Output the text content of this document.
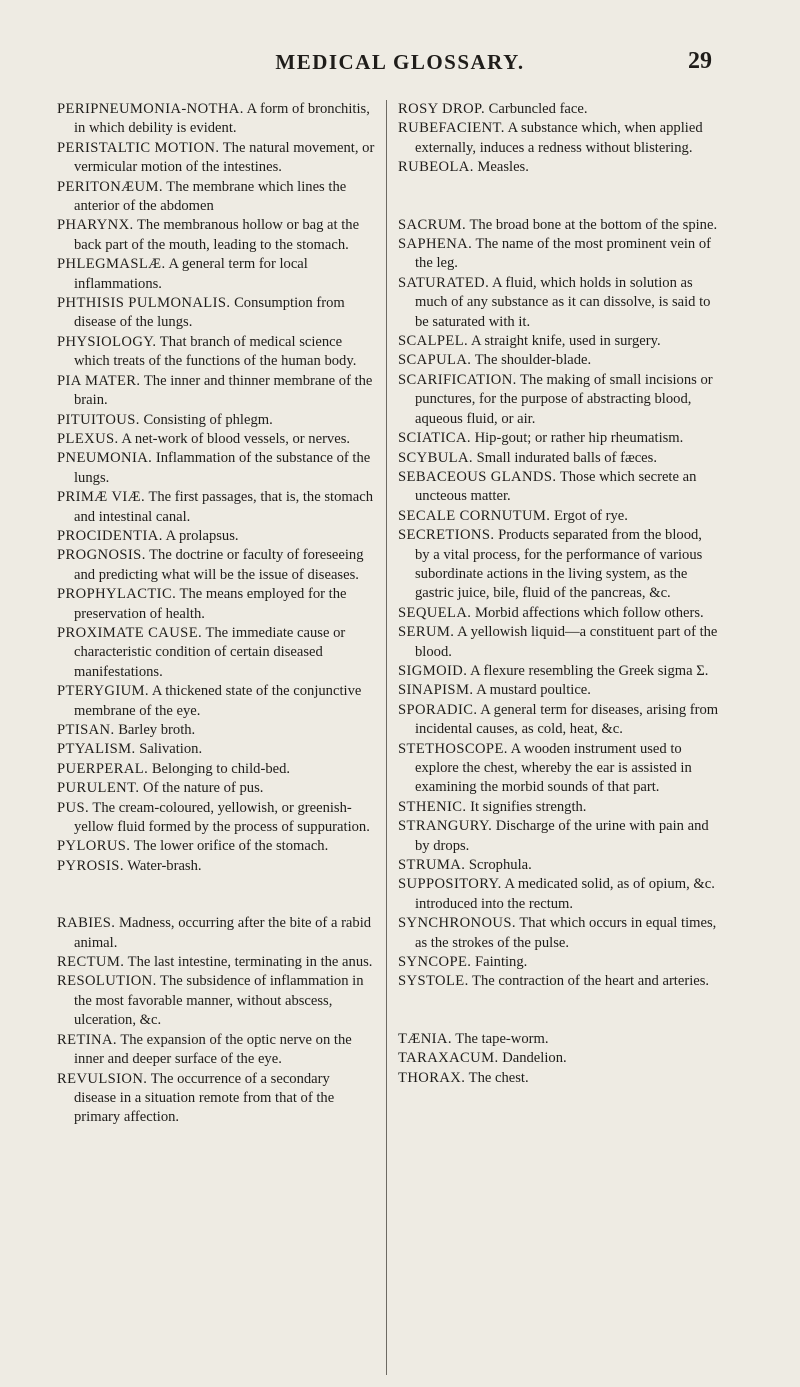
MEDICAL GLOSSARY.	29

PERIPNEUMONIA-NOTHA. A form of bronchitis, in which debility is evident.

PERISTALTIC MOTION. The natural movement, or vermicular motion of the intestines.

PERITONÆUM. The membrane which lines the anterior of the abdomen

PHARYNX. The membranous hollow or bag at the back part of the mouth, leading to the stomach.

PHLEGMASLÆ. A general term for local inflammations.

PHTHISIS PULMONALIS. Consumption from disease of the lungs.

PHYSIOLOGY. That branch of medical science which treats of the functions of the human body.

PIA MATER. The inner and thinner membrane of the brain.

PITUITOUS. Consisting of phlegm.

PLEXUS. A net-work of blood vessels, or nerves.

PNEUMONIA. Inflammation of the substance of the lungs.

PRIMÆ VIÆ. The first passages, that is, the stomach and intestinal canal.

PROCIDENTIA. A prolapsus.

PROGNOSIS. The doctrine or faculty of foreseeing and predicting what will be the issue of diseases.

PROPHYLACTIC. The means employed for the preservation of health.

PROXIMATE CAUSE. The immediate cause or characteristic condition of certain diseased manifestations.

PTERYGIUM. A thickened state of the conjunctive membrane of the eye.

PTISAN. Barley broth.

PTYALISM. Salivation.

PUERPERAL. Belonging to child-bed.

PURULENT. Of the nature of pus.

PUS. The cream-coloured, yellowish, or greenish-yellow fluid formed by the process of suppuration.

PYLORUS. The lower orifice of the stomach.

PYROSIS. Water-brash.

RABIES. Madness, occurring after the bite of a rabid animal.

RECTUM. The last intestine, terminating in the anus.

RESOLUTION. The subsidence of inflammation in the most favorable manner, without abscess, ulceration, &c.

RETINA. The expansion of the optic nerve on the inner and deeper surface of the eye.

REVULSION. The occurrence of a secondary disease in a situation remote from that of the primary affection.

ROSY DROP. Carbuncled face.

RUBEFACIENT. A substance which, when applied externally, induces a redness without blistering.

RUBEOLA. Measles.

SACRUM. The broad bone at the bottom of the spine.

SAPHENA. The name of the most prominent vein of the leg.

SATURATED. A fluid, which holds in solution as much of any substance as it can dissolve, is said to be saturated with it.

SCALPEL. A straight knife, used in surgery.

SCAPULA. The shoulder-blade.

SCARIFICATION. The making of small incisions or punctures, for the purpose of abstracting blood, aqueous fluid, or air.

SCIATICA. Hip-gout; or rather hip rheumatism.

SCYBULA. Small indurated balls of fæces.

SEBACEOUS GLANDS. Those which secrete an uncteous matter.

SECALE CORNUTUM. Ergot of rye.

SECRETIONS. Products separated from the blood, by a vital process, for the performance of various subordinate actions in the living system, as the gastric juice, bile, fluid of the pancreas, &c.

SEQUELA. Morbid affections which follow others.

SERUM. A yellowish liquid—a constituent part of the blood.

SIGMOID. A flexure resembling the Greek sigma Σ.

SINAPISM. A mustard poultice.

SPORADIC. A general term for diseases, arising from incidental causes, as cold, heat, &c.

STETHOSCOPE. A wooden instrument used to explore the chest, whereby the ear is assisted in examining the morbid sounds of that part.

STHENIC. It signifies strength.

STRANGURY. Discharge of the urine with pain and by drops.

STRUMA. Scrophula.

SUPPOSITORY. A medicated solid, as of opium, &c. introduced into the rectum.

SYNCHRONOUS. That which occurs in equal times, as the strokes of the pulse.

SYNCOPE. Fainting.

SYSTOLE. The contraction of the heart and arteries.

TÆNIA. The tape-worm.

TARAXACUM. Dandelion.

THORAX. The chest.
